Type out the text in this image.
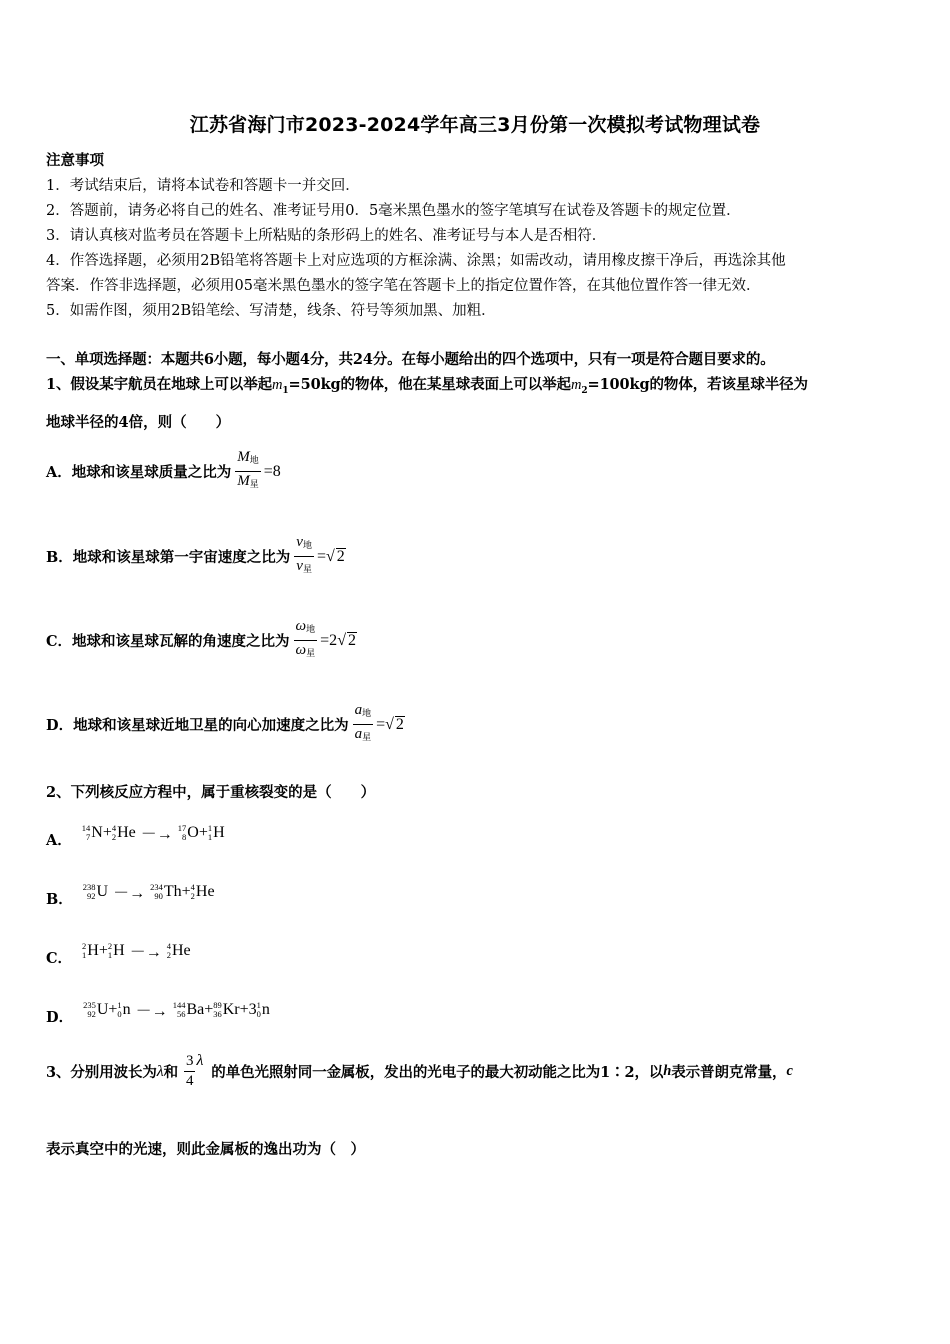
江苏省海门市2023-2024学年高三3月份第一次模拟考试物理试卷
注意事项
1．考试结束后，请将本试卷和答题卡一并交回．
2．答题前，请务必将自己的姓名、准考证号用0．5毫米黑色墨水的签字笔填写在试卷及答题卡的规定位置．
3．请认真核对监考员在答题卡上所粘贴的条形码上的姓名、准考证号与本人是否相符．
4．作答选择题，必须用2B铅笔将答题卡上对应选项的方框涂满、涂黑；如需改动，请用橡皮擦干净后，再选涂其他
答案．作答非选择题，必须用05毫米黑色墨水的签字笔在答题卡上的指定位置作答，在其他位置作答一律无效．
5．如需作图，须用2B铅笔绘、写清楚，线条、符号等须加黑、加粗．
一、单项选择题：本题共6小题，每小题4分，共24分。在每小题给出的四个选项中，只有一项是符合题目要求的。
1、假设某宇航员在地球上可以举起$m_1=50kg$的物体，他在某星球表面上可以举起$m_2=100kg$的物体，若该星球半径为
地球半径的4倍，则（　　）
A．地球和该星球质量之比为 $\frac{M_地}{M_星} =8$
B．地球和该星球第一宇宙速度之比为 $\frac{v_地}{v_星}$ = √ 2
C．地球和该星球瓦解的角速度之比为 $\frac{\omega_地}{\omega_星} =2$ √ 2
D．地球和该星球近地卫星的向心加速度之比为 $\frac{a_地}{a_星}$ = √ 2
2、下列核反应方程中，属于重核裂变的是（　　）
A．
14
7 N + 4
2 He －→ 17
8 O + 1
1 H
B．
238
92 U －→ 234
90 Th + 4
2 He
C．
2
1 H + 2
1 H －→ 4
2 He
D．
235
92 U + 1
0 n －→ 144
56 Ba + 89
36 Kr + 3 1
0 n
3、分别用波长为 λ 和 $\frac{3}{4}$ λ
的单色光照射同一金属板，发出的光电子的最大初动能之比为1∶2，以 h 表示普朗克常量， c
表示真空中的光速，则此金属板的逸出功为（　）
